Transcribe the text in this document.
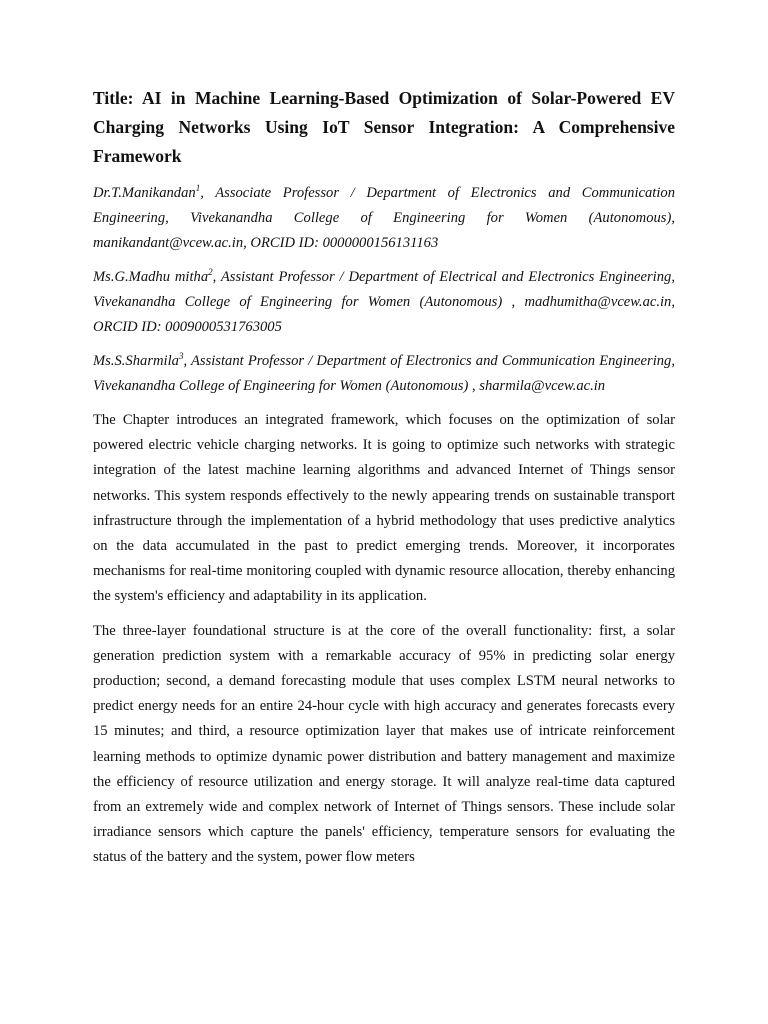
Title: AI in Machine Learning-Based Optimization of Solar-Powered EV Charging Networks Using IoT Sensor Integration: A Comprehensive Framework

Dr.T.Manikandan$^1$, Associate Professor / Department of Electronics and Communication Engineering, Vivekanandha College of Engineering for Women (Autonomous), manikandant@vcew.ac.in, ORCID ID: 0000000156131163

Ms.G.Madhu mitha$^2$, Assistant Professor / Department of Electrical and Electronics Engineering, Vivekanandha College of Engineering for Women (Autonomous) , madhumitha@vcew.ac.in, ORCID ID: 0009000531763005

Ms.S.Sharmila$^3$, Assistant Professor / Department of Electronics and Communication Engineering, Vivekanandha College of Engineering for Women (Autonomous) , sharmila@vcew.ac.in

The Chapter introduces an integrated framework, which focuses on the optimization of solar powered electric vehicle charging networks. It is going to optimize such networks with strategic integration of the latest machine learning algorithms and advanced Internet of Things sensor networks. This system responds effectively to the newly appearing trends on sustainable transport infrastructure through the implementation of a hybrid methodology that uses predictive analytics on the data accumulated in the past to predict emerging trends. Moreover, it incorporates mechanisms for real-time monitoring coupled with dynamic resource allocation, thereby enhancing the system's efficiency and adaptability in its application.

The three-layer foundational structure is at the core of the overall functionality: first, a solar generation prediction system with a remarkable accuracy of 95% in predicting solar energy production; second, a demand forecasting module that uses complex LSTM neural networks to predict energy needs for an entire 24-hour cycle with high accuracy and generates forecasts every 15 minutes; and third, a resource optimization layer that makes use of intricate reinforcement learning methods to optimize dynamic power distribution and battery management and maximize the efficiency of resource utilization and energy storage. It will analyze real-time data captured from an extremely wide and complex network of Internet of Things sensors. These include solar irradiance sensors which capture the panels' efficiency, temperature sensors for evaluating the status of the battery and the system, power flow meters
